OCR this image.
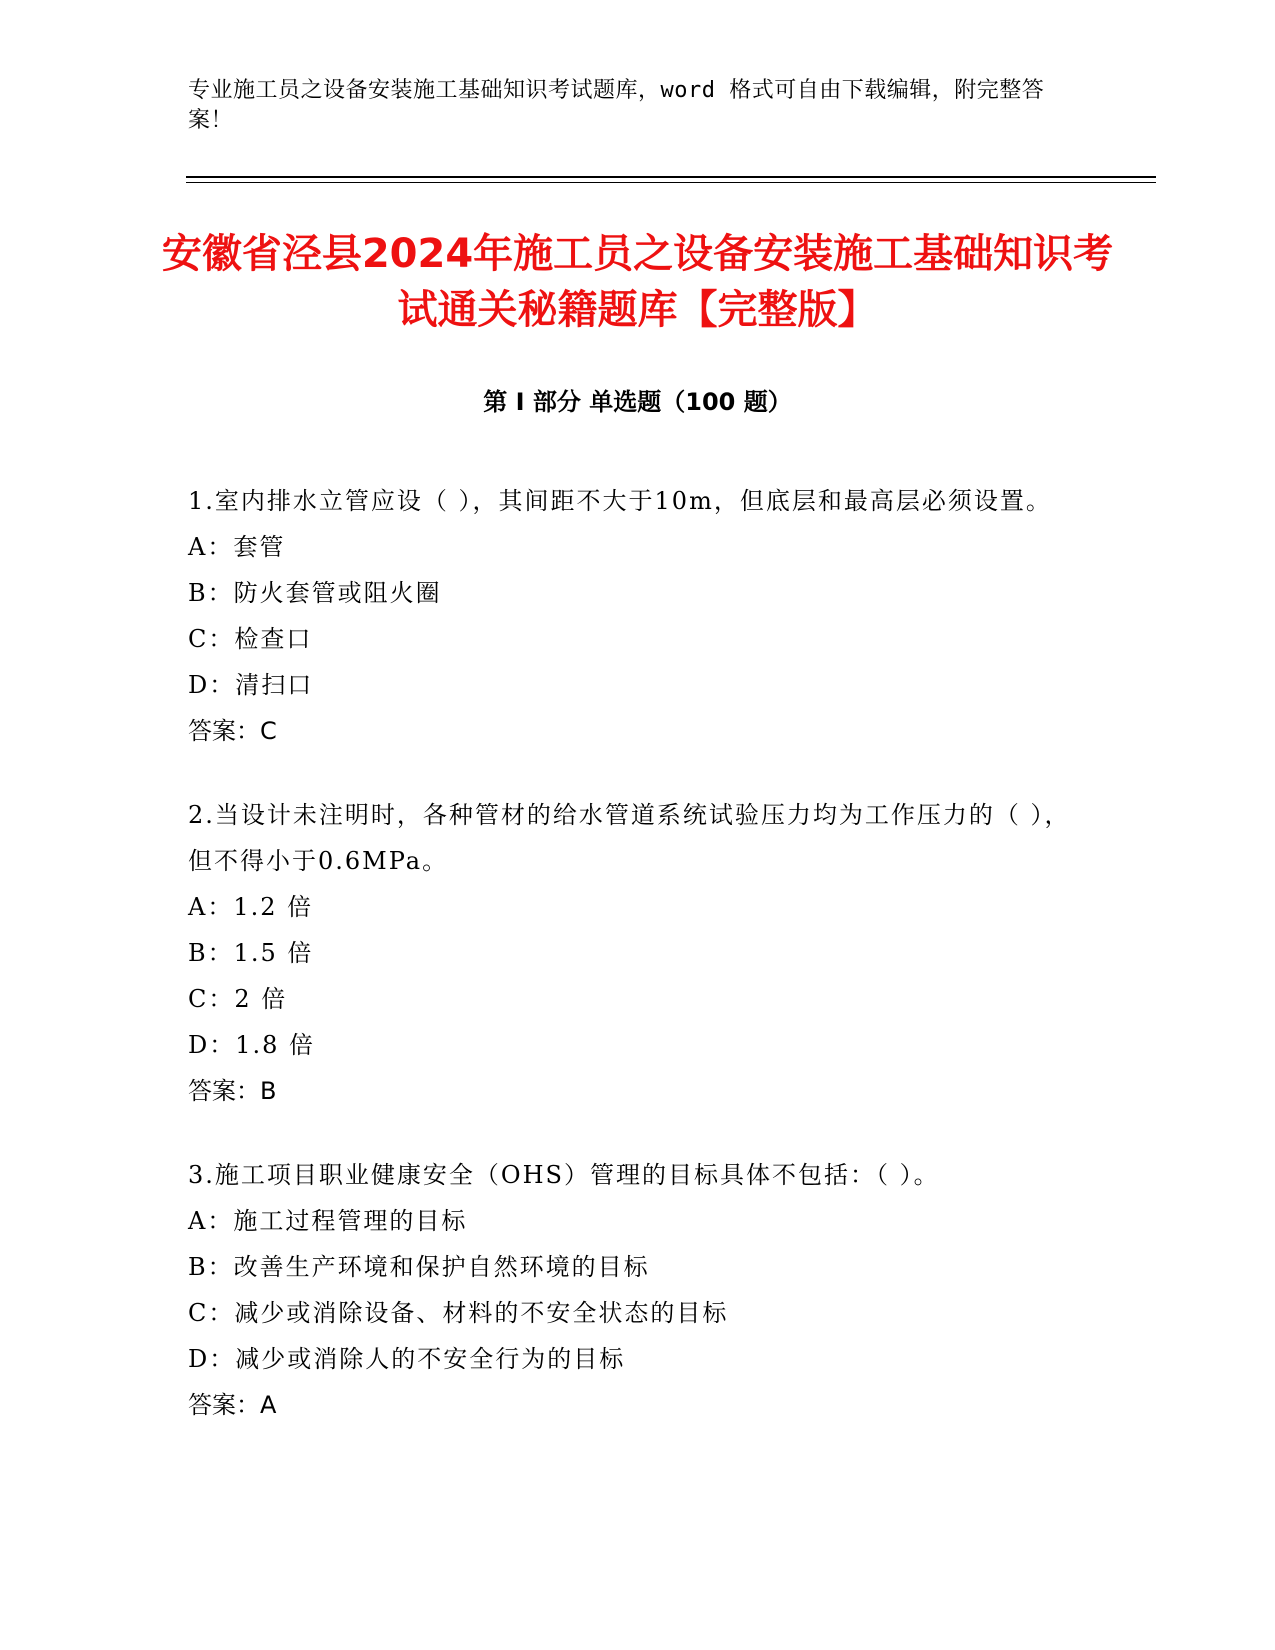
专业施工员之设备安装施工基础知识考试题库，word 格式可自由下载编辑，附完整答案！
安徽省泾县2024年施工员之设备安装施工基础知识考试通关秘籍题库【完整版】
第 I 部分 单选题（100 题）
1.室内排水立管应设（ ），其间距不大于10m，但底层和最高层必须设置。
A：套管
B：防火套管或阻火圈
C：检查口
D：清扫口
答案：C
2.当设计未注明时，各种管材的给水管道系统试验压力均为工作压力的（ ），但不得小于0.6MPa。
A：1.2 倍
B：1.5 倍
C：2 倍
D：1.8 倍
答案：B
3.施工项目职业健康安全（OHS）管理的目标具体不包括：（ ）。
A：施工过程管理的目标
B：改善生产环境和保护自然环境的目标
C：减少或消除设备、材料的不安全状态的目标
D：减少或消除人的不安全行为的目标
答案：A
